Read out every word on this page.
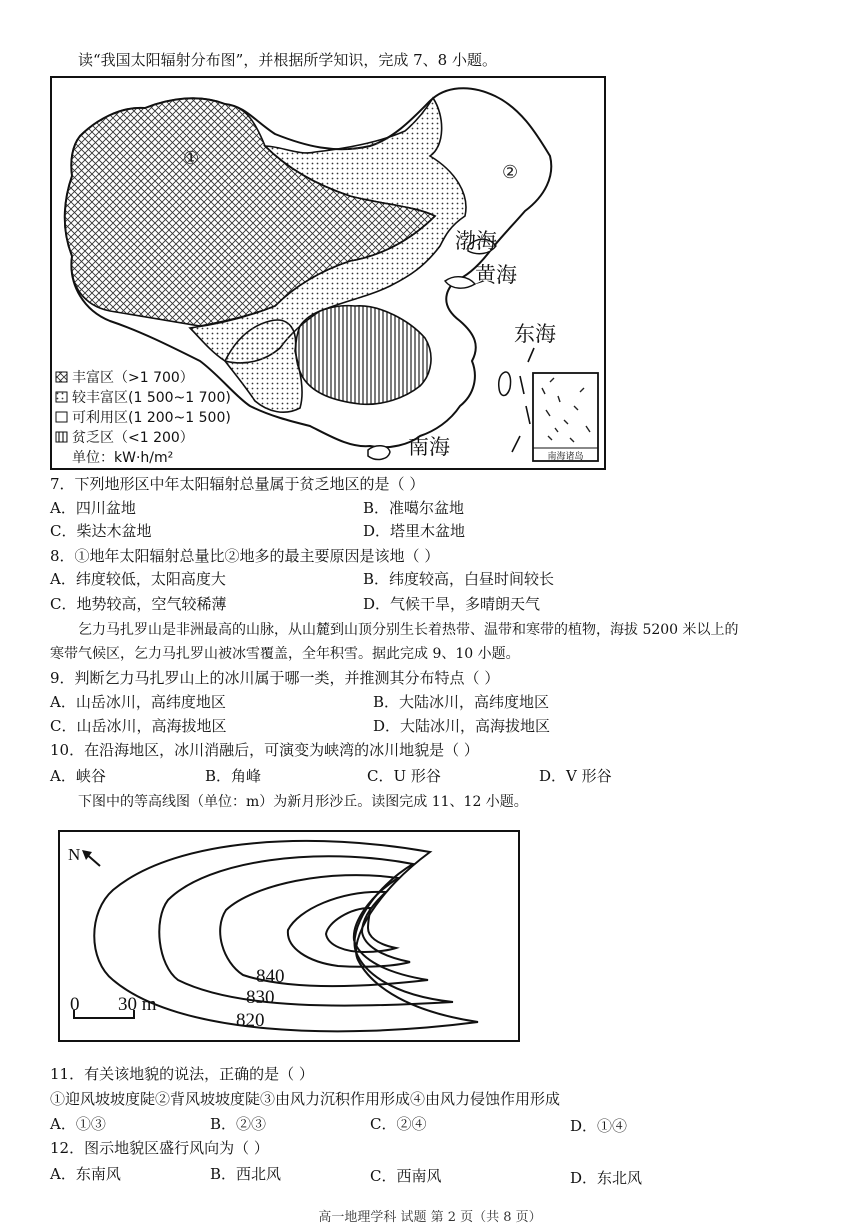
读“我国太阳辐射分布图”，并根据所学知识，完成 7、8 小题。
①
②
渤海
黄海
东海
南海	南海诸岛
丰富区（>1 700）
较丰富区(1 500~1 700)
可利用区(1 200~1 500)
贫乏区（<1 200）
单位：kW·h/m²
7．下列地形区中年太阳辐射总量属于贫乏地区的是（ ）
A．四川盆地	B．准噶尔盆地
C．柴达木盆地	D．塔里木盆地
8．①地年太阳辐射总量比②地多的最主要原因是该地（ ）
A．纬度较低，太阳高度大	B．纬度较高，白昼时间较长
C．地势较高，空气较稀薄	D．气候干旱，多晴朗天气
乞力马扎罗山是非洲最高的山脉，从山麓到山顶分别生长着热带、温带和寒带的植物，海拔 5200 米以上的
寒带气候区，乞力马扎罗山被冰雪覆盖，全年积雪。据此完成 9、10 小题。
9．判断乞力马扎罗山上的冰川属于哪一类，并推测其分布特点（ ）
A．山岳冰川，高纬度地区	B．大陆冰川，高纬度地区
C．山岳冰川，高海拔地区	D．大陆冰川，高海拔地区
10．在沿海地区，冰川消融后，可演变为峡湾的冰川地貌是（ ）
A．峡谷	B．角峰	C．U 形谷	D．V 形谷
下图中的等高线图（单位：m）为新月形沙丘。读图完成 11、12 小题。
N
840
830
820
0 30 m
11．有关该地貌的说法，正确的是（ ）
①迎风坡坡度陡②背风坡坡度陡③由风力沉积作用形成④由风力侵蚀作用形成
A．①③	B．②③	C．②④	D．①④
12．图示地貌区盛行风向为（ ）
A．东南风	B．西北风	C．西南风	D．东北风
高一地理学科 试题 第 2 页（共 8 页）
